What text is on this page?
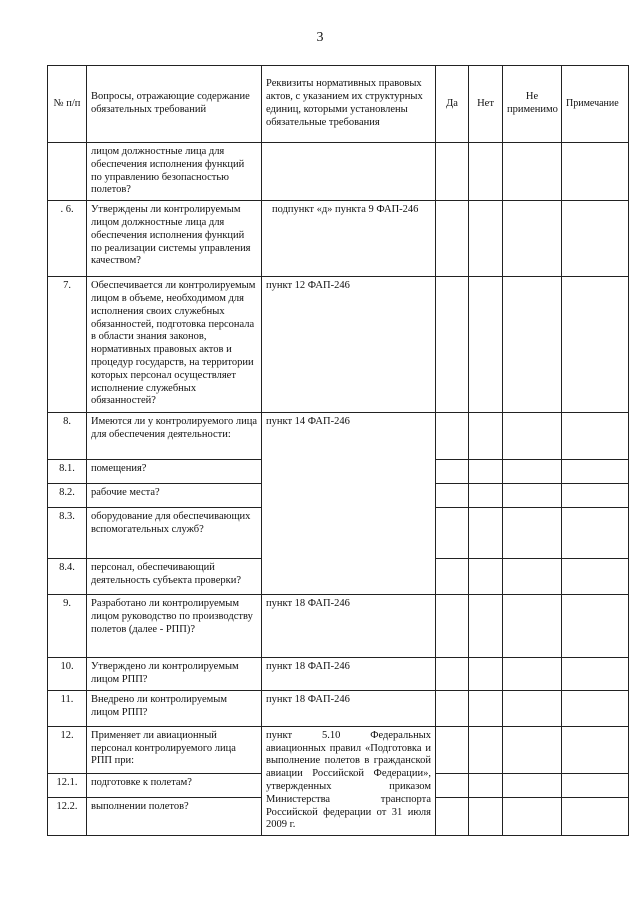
3
№ п/п	Вопросы, отражающие содержание обязательных требований	Реквизиты нормативных правовых актов, с указанием их структурных единиц, которыми установлены обязательные требования	Да	Нет	Не применимо	Примечание
	лицом должностные лица для обеспечения исполнения функций по управлению безопасностью полетов?					
. 6.	Утверждены ли контролируемым лицом должностные лица для обеспечения исполнения функций по реализации системы управления качеством?	подпункт «д» пункта 9 ФАП-246				
7.	Обеспечивается ли контролируемым лицом в объеме, необходимом для исполнения своих служебных обязанностей, подготовка персонала в области знания законов, нормативных правовых актов и процедур государств, на территории которых персонал осуществляет исполнение служебных обязанностей?	пункт 12 ФАП-246				
8.	Имеются ли у контролируемого лица для обеспечения деятельности:	пункт 14 ФАП-246				
8.1.	помещения?					
8.2.	рабочие места?					
8.3.	оборудование для обеспечивающих вспомогательных служб?					
8.4.	персонал, обеспечивающий деятельность субъекта проверки?					
9.	Разработано ли контролируемым лицом руководство по производству полетов (далее - РПП)?	пункт 18 ФАП-246				
10.	Утверждено ли контролируемым лицом РПП?	пункт 18 ФАП-246				
11.	Внедрено ли контролируемым лицом РПП?	пункт 18 ФАП-246				
12.	Применяет ли авиационный персонал контролируемого лица РПП при:	пункт 5.10 Федеральных авиационных правил «Подготовка и выполнение полетов в гражданской авиации Российской Федерации», утвержденных приказом Министерства транспорта Российской федерации от 31 июля 2009 г.				
12.1.	подготовке к полетам?					
12.2.	выполнении полетов?					
